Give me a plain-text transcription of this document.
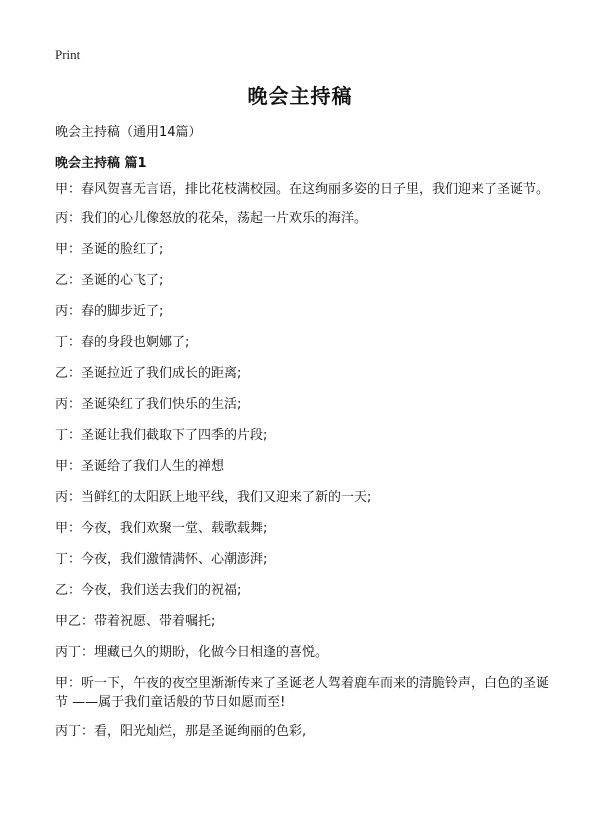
Print
晚会主持稿
晚会主持稿（通用14篇）
晚会主持稿 篇1
甲：春风贺喜无言语，排比花枝满校园。在这绚丽多姿的日子里，我们迎来了圣诞节。
丙：我们的心儿像怒放的花朵，荡起一片欢乐的海洋。
甲：圣诞的脸红了;
乙：圣诞的心飞了;
丙：春的脚步近了;
丁：春的身段也婀娜了;
乙：圣诞拉近了我们成长的距离;
丙：圣诞染红了我们快乐的生活;
丁：圣诞让我们截取下了四季的片段;
甲：圣诞给了我们人生的禅想
丙：当鲜红的太阳跃上地平线，我们又迎来了新的一天;
甲：今夜，我们欢聚一堂、载歌载舞;
丁：今夜，我们激情满怀、心潮澎湃;
乙：今夜，我们送去我们的祝福;
甲乙：带着祝愿、带着嘱托;
丙丁：埋藏已久的期盼，化做今日相逢的喜悦。
甲：听一下，午夜的夜空里渐渐传来了圣诞老人驾着鹿车而来的清脆铃声，白色的圣诞节 ——属于我们童话般的节日如愿而至!
丙丁：看，阳光灿烂，那是圣诞绚丽的色彩,
